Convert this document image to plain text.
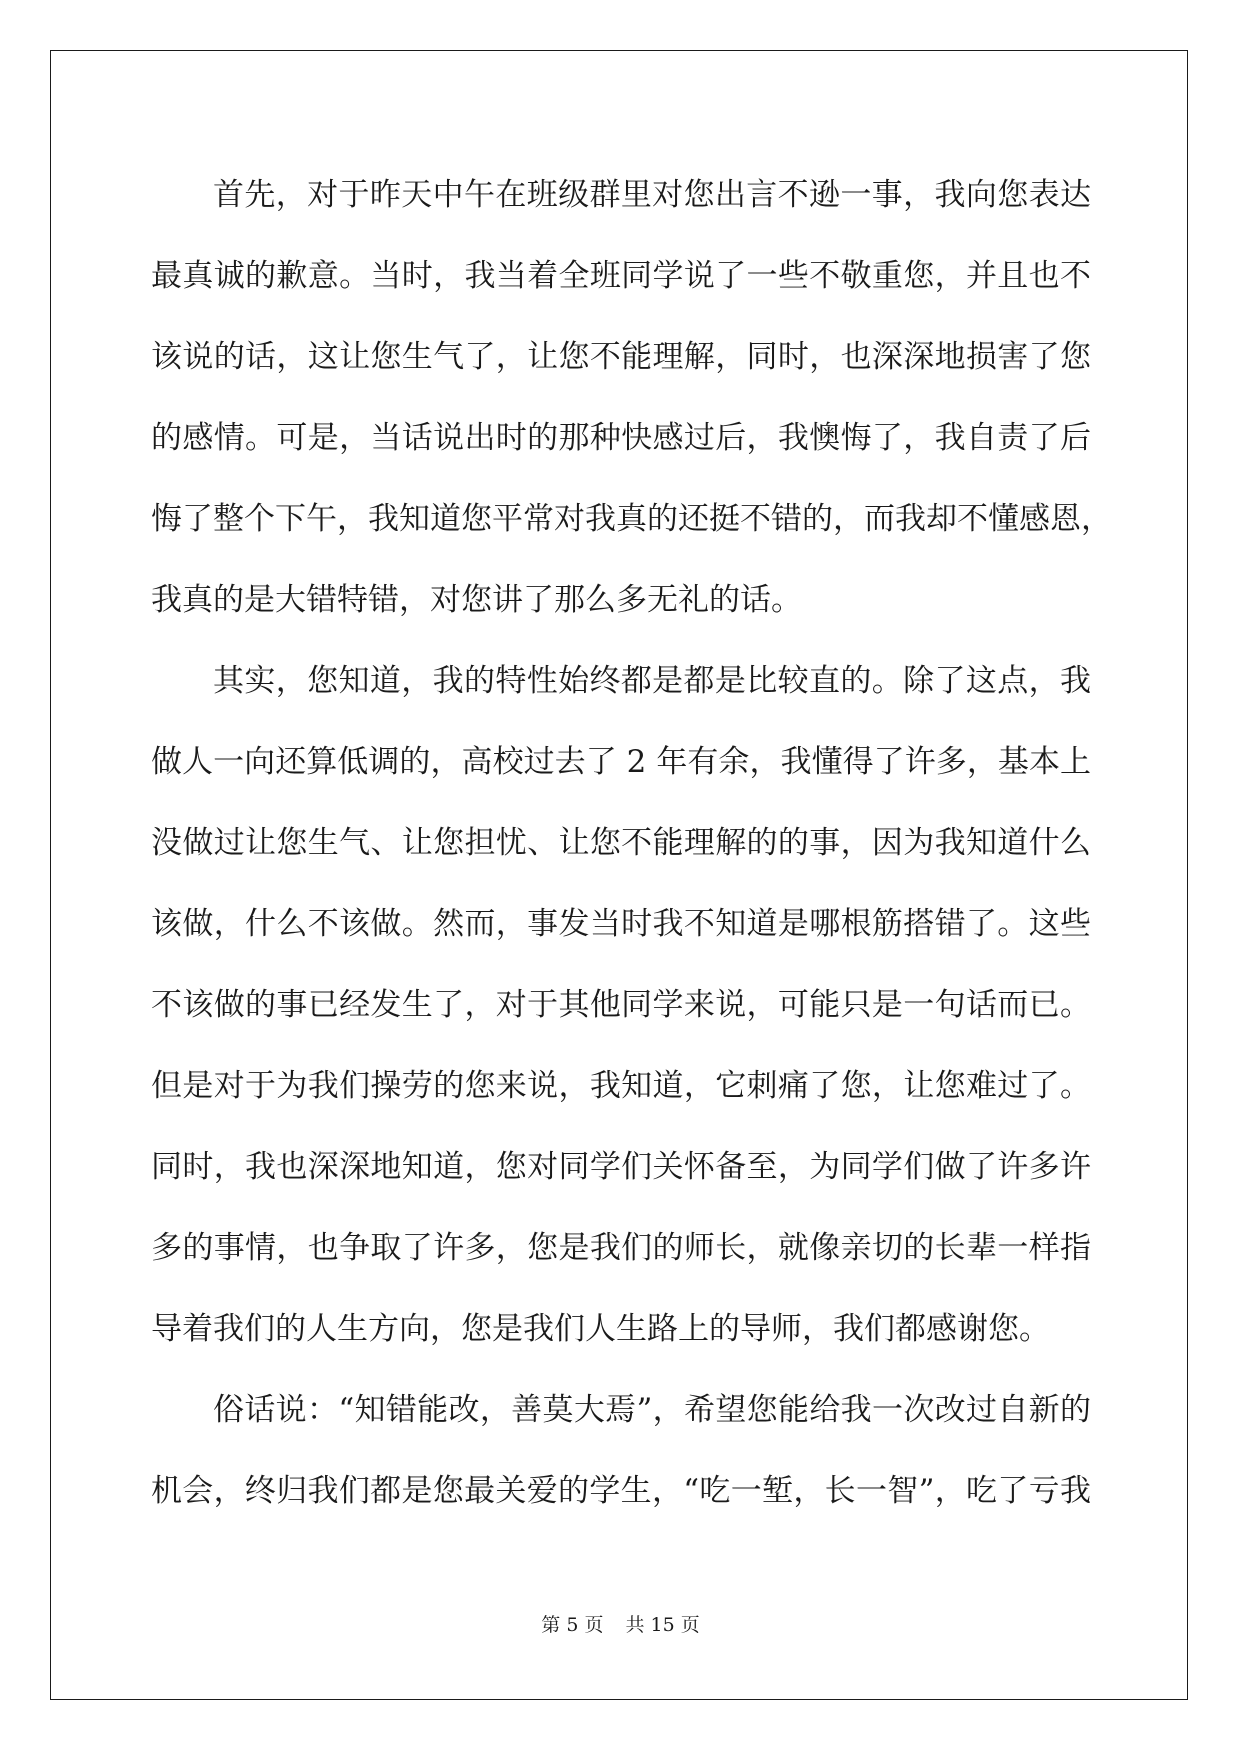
首先，对于昨天中午在班级群里对您出言不逊一事，我向您表达
最真诚的歉意。当时，我当着全班同学说了一些不敬重您，并且也不
该说的话，这让您生气了，让您不能理解，同时，也深深地损害了您
的感情。可是，当话说出时的那种快感过后，我懊悔了，我自责了后
悔了整个下午，我知道您平常对我真的还挺不错的，而我却不懂感恩，
我真的是大错特错，对您讲了那么多无礼的话。
其实，您知道，我的特性始终都是都是比较直的。除了这点，我
做人一向还算低调的，高校过去了 2 年有余，我懂得了许多，基本上
没做过让您生气、让您担忧、让您不能理解的的事，因为我知道什么
该做，什么不该做。然而，事发当时我不知道是哪根筋搭错了。这些
不该做的事已经发生了，对于其他同学来说，可能只是一句话而已。
但是对于为我们操劳的您来说，我知道，它刺痛了您，让您难过了。
同时，我也深深地知道，您对同学们关怀备至，为同学们做了许多许
多的事情，也争取了许多，您是我们的师长，就像亲切的长辈一样指
导着我们的人生方向，您是我们人生路上的导师，我们都感谢您。
俗话说：“知错能改，善莫大焉”，希望您能给我一次改过自新的
机会，终归我们都是您最关爱的学生，“吃一堑，长一智”，吃了亏我
第 5 页 共 15 页
